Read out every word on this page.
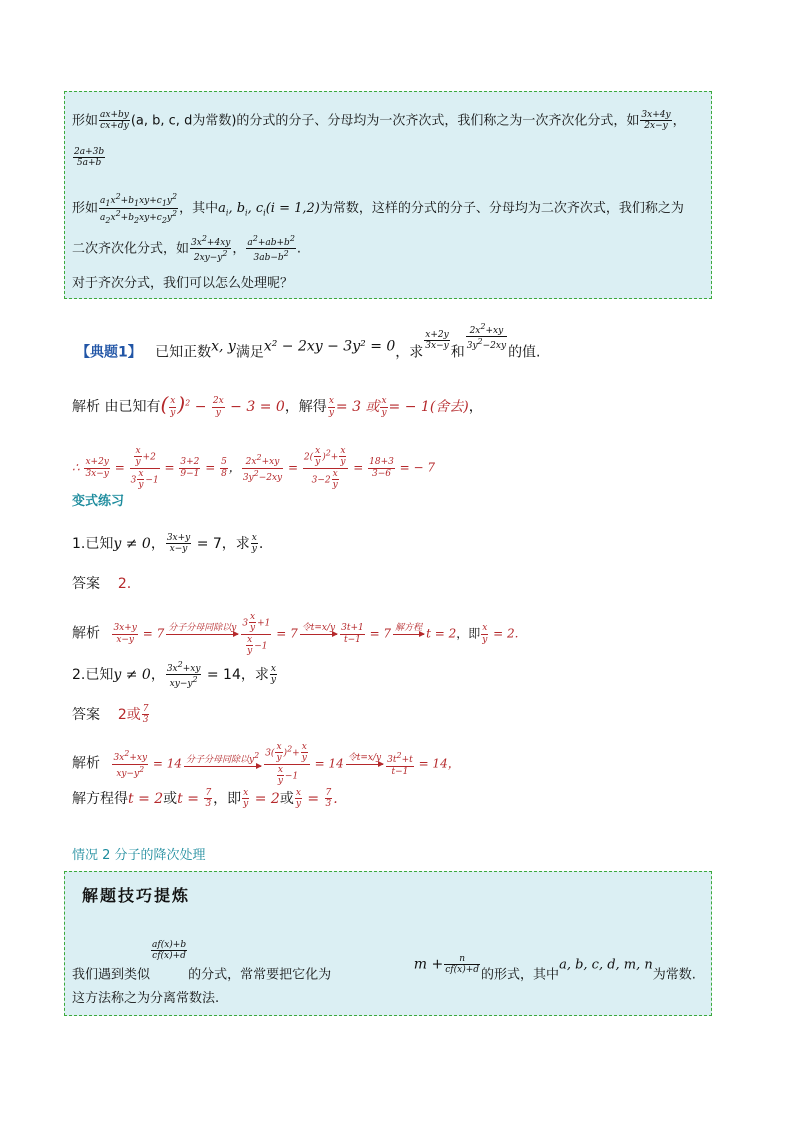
形如 $\frac{ax+by}{cx+dy} (a$, b, c, d为常数)的分式的分子、分母均为一次齐次式，我们称之为一次齐次化分式，如 $\frac{3x+4y}{2x-y}$ ，
$\frac{2a+3b}{5a+b}$
形如 $\frac{a_1x^2+b_1xy+c_1y^2}{a_2x^2+b_2xy+c_2y^2}$ ，其中$a_i$, $b_i$, $c_i(i = 1,2)$为常数，这样的分式的分子、分母均为二次齐次式，我们称之为
二次齐次化分式，如 $\frac{3x^2+4xy}{2xy-y^2}$ ， $\frac{a^2+ab+b^2}{3ab-b^2}$ .
对于齐次分式，我们可以怎么处理呢？
【典题1】 已知正数x, y满足x² − 2xy − 3y² = 0，求
$\frac{x+2y}{3x-y}$
和
$\frac{2x^2+xy}{3y^2-2xy}$
的值.
解析 由已知有( $\frac{x}{y} )^2 - \frac{2x}{y} - 3 = 0$，解得 $\frac{x}{y} = 3$ 或 $\frac{x}{y}$ = − 1(舍去)，
∴ $\frac{x+2y}{3x-y} = \frac{\frac{x}{y} +2}{3 \frac{x}{y} -1} = \frac{3+2}{9-1} = \frac{5}{8}$ ， $\frac{2x^2+xy}{3y^2-2xy} = \frac{2( \frac{x}{y} )^2+ \frac{x}{y}}{3-2 \frac{x}{y}} = \frac{18+3}{3-6}$ = − 7
变式练习
1.已知y ≠ 0， $\frac{3x+y}{x-y} = 7$，求 $\frac{x}{y}$ .
答案 2.
解析 $\frac{3x+y}{x-y} = 7$ 分子分母同除以y
$\frac{3 \frac{x}{y} +1}{\frac{x}{y} -1} = 7$ 令t=x/y
$\frac{3t+1}{t-1} = 7$ 解方程
t = 2，即 $\frac{x}{y} = 2$.
2.已知y ≠ 0， $\frac{3x^2+xy}{xy-y^2} = 14$，求 $\frac{x}{y}$
答案 2或 $\frac{7}{3}$
解析 $\frac{3x^2+xy}{xy-y^2} = 14$ 分子分母同除以$y^2$
$\frac{3( \frac{x}{y} )^2+ \frac{x}{y}}{\frac{x}{y} -1} = 14$ 令t=x/y
$\frac{3t^2+t}{t-1} = 14$，
解方程得t = 2或$t = \frac{7}{3}$ ，即 $\frac{x}{y} = 2$或 $\frac{x}{y} = \frac{7}{3}$ .
情况 2 分子的降次处理
解题技巧提炼
我们遇到类似
$\frac{af(x)+b}{cf(x)+d}$
的分式，常常要把它化为                    $m + \frac{n}{cf(x)+d}$ 的形式，其中a, b, c, d, m, n为常数.
这方法称之为分离常数法.
